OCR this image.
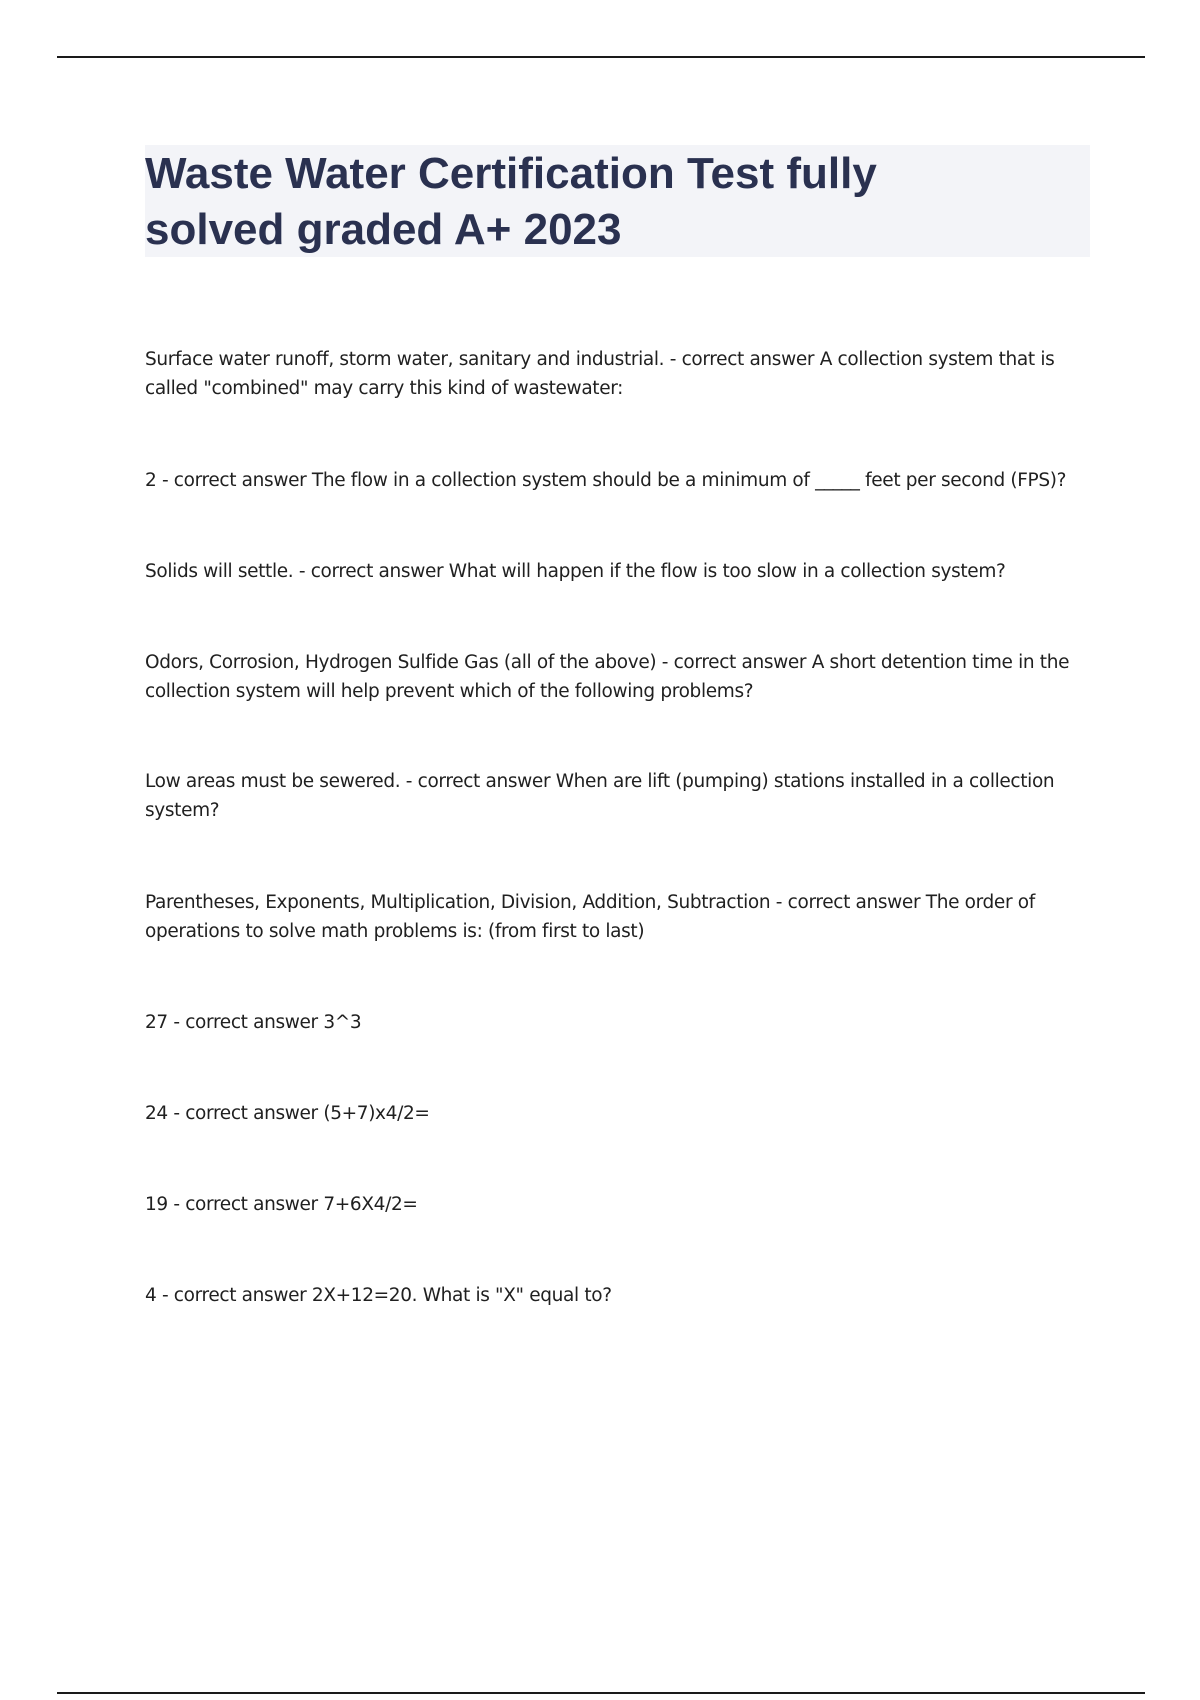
Waste Water Certification Test fully
solved graded A+ 2023

Surface water runoff, storm water, sanitary and industrial. - correct answer A collection system that is called "combined" may carry this kind of wastewater:

2 - correct answer The flow in a collection system should be a minimum of _____ feet per second (FPS)?

Solids will settle. - correct answer What will happen if the flow is too slow in a collection system?

Odors, Corrosion, Hydrogen Sulfide Gas (all of the above) - correct answer A short detention time in the collection system will help prevent which of the following problems?

Low areas must be sewered. - correct answer When are lift (pumping) stations installed in a collection system?

Parentheses, Exponents, Multiplication, Division, Addition, Subtraction - correct answer The order of operations to solve math problems is: (from first to last)

27 - correct answer 3^3

24 - correct answer (5+7)x4/2=

19 - correct answer 7+6X4/2=

4 - correct answer 2X+12=20. What is "X" equal to?
